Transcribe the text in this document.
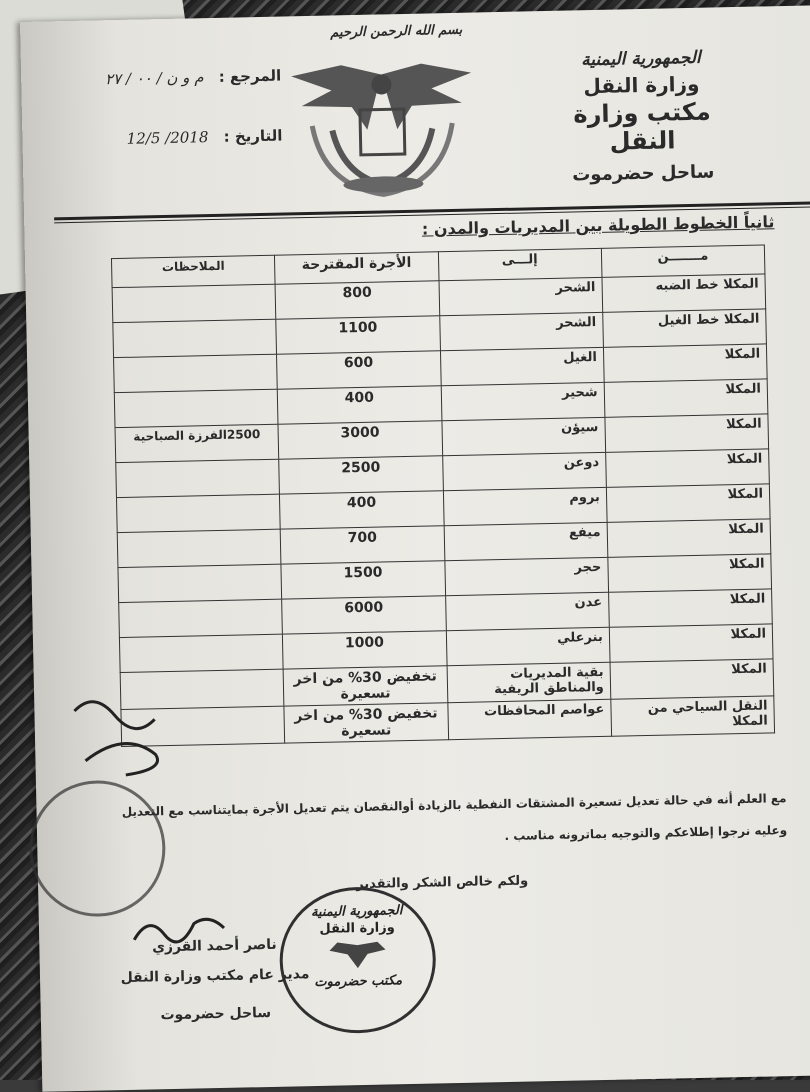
بسم الله الرحمن الرحيم
الجمهورية اليمنية
وزارة النقل
مكتب وزارة النقل
ساحل حضرموت
المرجع : م و ن / ٠٠ / ٢٧
التاريخ : 2018/ 12/5
ثانياً الخطوط الطويلة بين المديريات والمدن :
مـــــــن	إلـــى	الأجرة المقترحة	الملاحظات
المكلا خط الضبه	الشحر	800	
المكلا خط الغيل	الشحر	1100	
المكلا	الغيل	600	
المكلا	شحير	400	
المكلا	سيؤن	3000	2500الفرزة الصباحية
المكلا	دوعن	2500	
المكلا	بروم	400	
المكلا	ميفع	700	
المكلا	حجر	1500	
المكلا	عدن	6000	
المكلا	بنرعلي	1000	
المكلا	بقية المديريات والمناطق الريفية	تخفيض 30% من اخر تسعيرة	
النقل السياحي من المكلا	عواصم المحافظات	تخفيض 30% من اخر تسعيرة	
مع العلم أنه في حالة تعديل تسعيرة المشتقات النفطية بالزيادة أوالنقصان يتم تعديل الأجرة بمايتناسب مع التعديل
وعليه نرجوا إطلاعكم والتوجيه بماترونه مناسب .
ولكم خالص الشكر والتقدير
الجمهورية اليمنية
وزارة النقل
مكتب حضرموت
ناصر أحمد القرزي
مدير عام مكتب وزارة النقل
ساحل حضرموت
